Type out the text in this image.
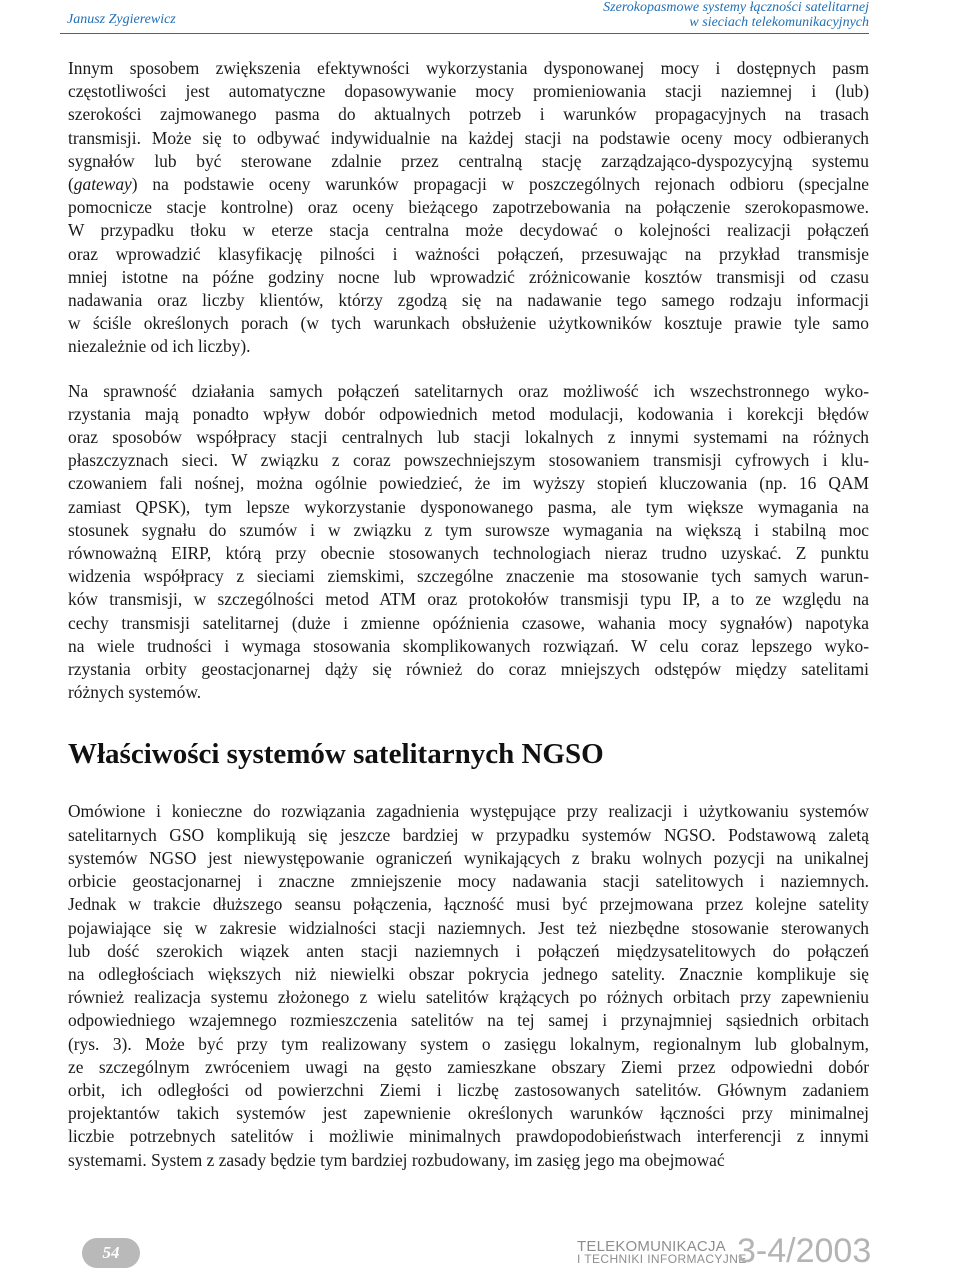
Janusz Zygierewicz
Szerokopasmowe systemy łączności satelitarnej
w sieciach telekomunikacyjnych
Innym sposobem zwiększenia efektywności wykorzystania dysponowanej mocy i dostępnych pasm
częstotliwości jest automatyczne dopasowywanie mocy promieniowania stacji naziemnej i (lub)
szerokości zajmowanego pasma do aktualnych potrzeb i warunków propagacyjnych na trasach
transmisji. Może się to odbywać indywidualnie na każdej stacji na podstawie oceny mocy odbieranych
sygnałów lub być sterowane zdalnie przez centralną stację zarządzająco-dyspozycyjną systemu
(gateway) na podstawie oceny warunków propagacji w poszczególnych rejonach odbioru (specjalne
pomocnicze stacje kontrolne) oraz oceny bieżącego zapotrzebowania na połączenie szerokopasmowe.
W przypadku tłoku w eterze stacja centralna może decydować o kolejności realizacji połączeń
oraz wprowadzić klasyfikację pilności i ważności połączeń, przesuwając na przykład transmisje
mniej istotne na późne godziny nocne lub wprowadzić zróżnicowanie kosztów transmisji od czasu
nadawania oraz liczby klientów, którzy zgodzą się na nadawanie tego samego rodzaju informacji
w ściśle określonych porach (w tych warunkach obsłużenie użytkowników kosztuje prawie tyle samo
niezależnie od ich liczby).
Na sprawność działania samych połączeń satelitarnych oraz możliwość ich wszechstronnego wyko-
rzystania mają ponadto wpływ dobór odpowiednich metod modulacji, kodowania i korekcji błędów
oraz sposobów współpracy stacji centralnych lub stacji lokalnych z innymi systemami na różnych
płaszczyznach sieci. W związku z coraz powszechniejszym stosowaniem transmisji cyfrowych i klu-
czowaniem fali nośnej, można ogólnie powiedzieć, że im wyższy stopień kluczowania (np. 16 QAM
zamiast QPSK), tym lepsze wykorzystanie dysponowanego pasma, ale tym większe wymagania na
stosunek sygnału do szumów i w związku z tym surowsze wymagania na większą i stabilną moc
równoważną EIRP, którą przy obecnie stosowanych technologiach nieraz trudno uzyskać. Z punktu
widzenia współpracy z sieciami ziemskimi, szczególne znaczenie ma stosowanie tych samych warun-
ków transmisji, w szczególności metod ATM oraz protokołów transmisji typu IP, a to ze względu na
cechy transmisji satelitarnej (duże i zmienne opóźnienia czasowe, wahania mocy sygnałów) napotyka
na wiele trudności i wymaga stosowania skomplikowanych rozwiązań. W celu coraz lepszego wyko-
rzystania orbity geostacjonarnej dąży się również do coraz mniejszych odstępów między satelitami
różnych systemów.
Właściwości systemów satelitarnych NGSO
Omówione i konieczne do rozwiązania zagadnienia występujące przy realizacji i użytkowaniu systemów
satelitarnych GSO komplikują się jeszcze bardziej w przypadku systemów NGSO. Podstawową zaletą
systemów NGSO jest niewystępowanie ograniczeń wynikających z braku wolnych pozycji na unikalnej
orbicie geostacjonarnej i znaczne zmniejszenie mocy nadawania stacji satelitowych i naziemnych.
Jednak w trakcie dłuższego seansu połączenia, łączność musi być przejmowana przez kolejne satelity
pojawiające się w zakresie widzialności stacji naziemnych. Jest też niezbędne stosowanie sterowanych
lub dość szerokich wiązek anten stacji naziemnych i połączeń międzysatelitowych do połączeń
na odległościach większych niż niewielki obszar pokrycia jednego satelity. Znacznie komplikuje się
również realizacja systemu złożonego z wielu satelitów krążących po różnych orbitach przy zapewnieniu
odpowiedniego wzajemnego rozmieszczenia satelitów na tej samej i przynajmniej sąsiednich orbitach
(rys. 3). Może być przy tym realizowany system o zasięgu lokalnym, regionalnym lub globalnym,
ze szczególnym zwróceniem uwagi na gęsto zamieszkane obszary Ziemi przez odpowiedni dobór
orbit, ich odległości od powierzchni Ziemi i liczbę zastosowanych satelitów. Głównym zadaniem
projektantów takich systemów jest zapewnienie określonych warunków łączności przy minimalnej
liczbie potrzebnych satelitów i możliwie minimalnych prawdopodobieństwach interferencji z innymi
systemami. System z zasady będzie tym bardziej rozbudowany, im zasięg jego ma obejmować
54	TELEKOMUNIKACJA
I TECHNIKI INFORMACYJNE
3-4/2003
